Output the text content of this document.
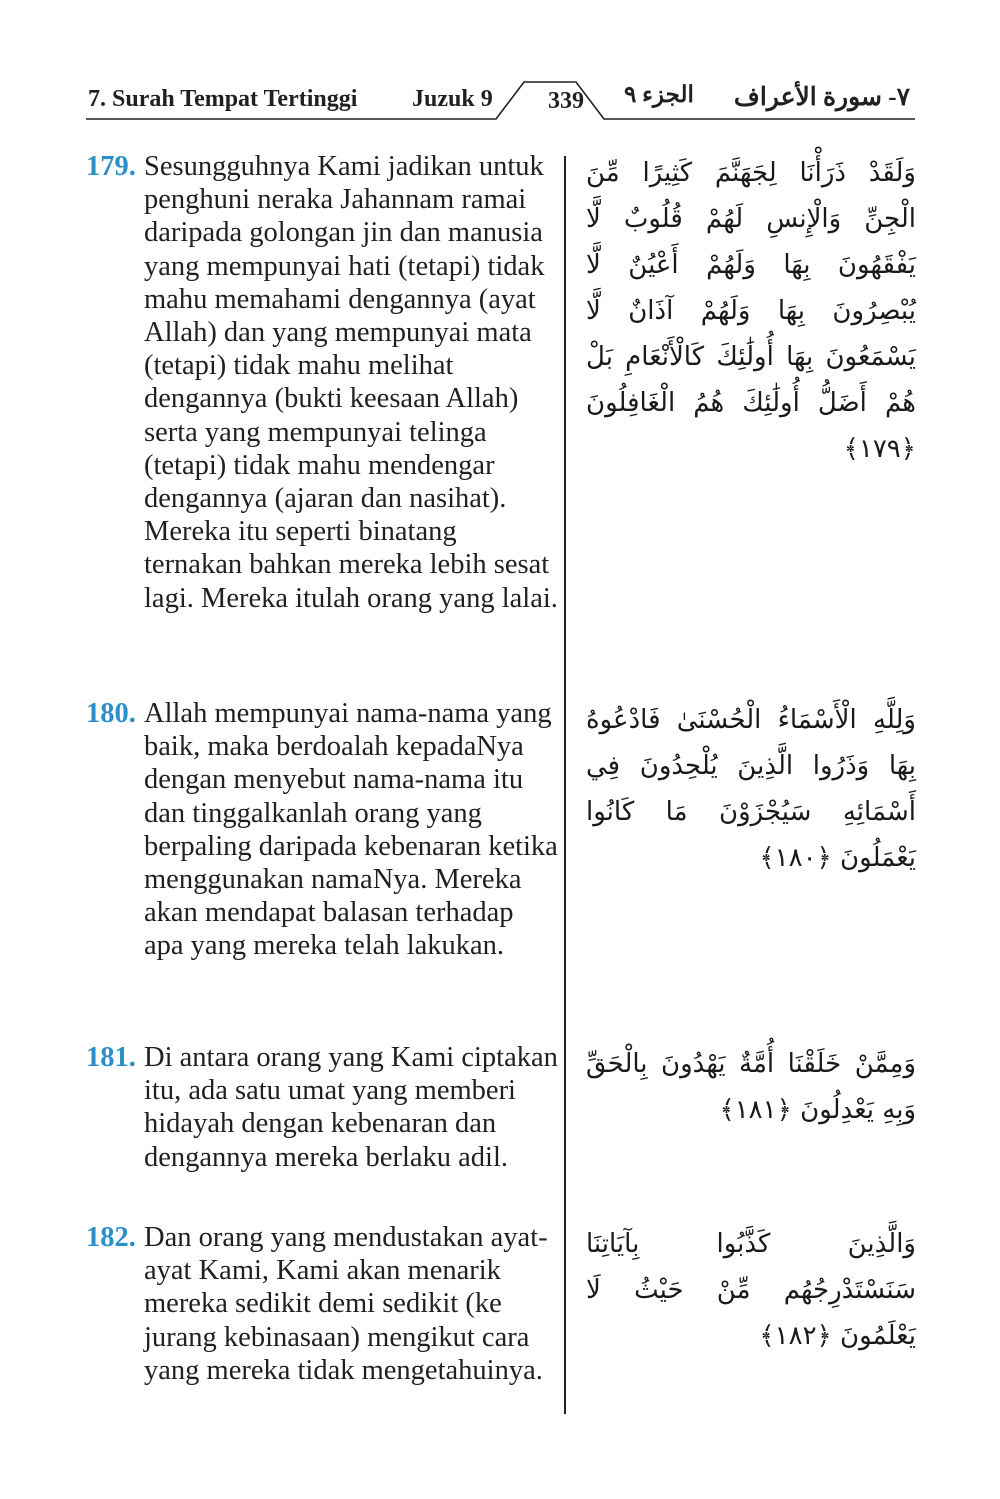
7. Surah Tempat Tertinggi Juzuk 9	339	الجزء ٩ ٧- سورة الأعراف
179. Sesungguhnya Kami jadikan untuk penghuni neraka Jahannam ramai daripada golongan jin dan manusia yang mempunyai hati (tetapi) tidak mahu memahami dengannya (ayat Allah) dan yang mempunyai mata (tetapi) tidak mahu melihat dengannya (bukti keesaan Allah) serta yang mempunyai telinga (tetapi) tidak mahu mendengar dengannya (ajaran dan nasihat). Mereka itu seperti binatang ternakan bahkan mereka lebih sesat lagi. Mereka itulah orang yang lalai.
وَلَقَدْ ذَرَأْنَا لِجَهَنَّمَ كَثِيرًا مِّنَ الْجِنِّ وَالْإِنسِ لَهُمْ قُلُوبٌ لَّا يَفْقَهُونَ بِهَا وَلَهُمْ أَعْيُنٌ لَّا يُبْصِرُونَ بِهَا وَلَهُمْ آذَانٌ لَّا يَسْمَعُونَ بِهَا أُولَٰئِكَ كَالْأَنْعَامِ بَلْ هُمْ أَضَلُّ أُولَٰئِكَ هُمُ الْغَافِلُونَ ﴿١٧٩﴾
180. Allah mempunyai nama-nama yang baik, maka berdoalah kepadaNya dengan menyebut nama-nama itu dan tinggalkanlah orang yang berpaling daripada kebenaran ketika menggunakan namaNya. Mereka akan mendapat balasan terhadap apa yang mereka telah lakukan.
وَلِلَّهِ الْأَسْمَاءُ الْحُسْنَىٰ فَادْعُوهُ بِهَا وَذَرُوا الَّذِينَ يُلْحِدُونَ فِي أَسْمَائِهِ سَيُجْزَوْنَ مَا كَانُوا يَعْمَلُونَ ﴿١٨٠﴾
181. Di antara orang yang Kami ciptakan itu, ada satu umat yang memberi hidayah dengan kebenaran dan dengannya mereka berlaku adil.
وَمِمَّنْ خَلَقْنَا أُمَّةٌ يَهْدُونَ بِالْحَقِّ وَبِهِ يَعْدِلُونَ ﴿١٨١﴾
182. Dan orang yang mendustakan ayat-ayat Kami, Kami akan menarik mereka sedikit demi sedikit (ke jurang kebinasaan) mengikut cara yang mereka tidak mengetahuinya.
وَالَّذِينَ كَذَّبُوا بِآيَاتِنَا سَنَسْتَدْرِجُهُم مِّنْ حَيْثُ لَا يَعْلَمُونَ ﴿١٨٢﴾
